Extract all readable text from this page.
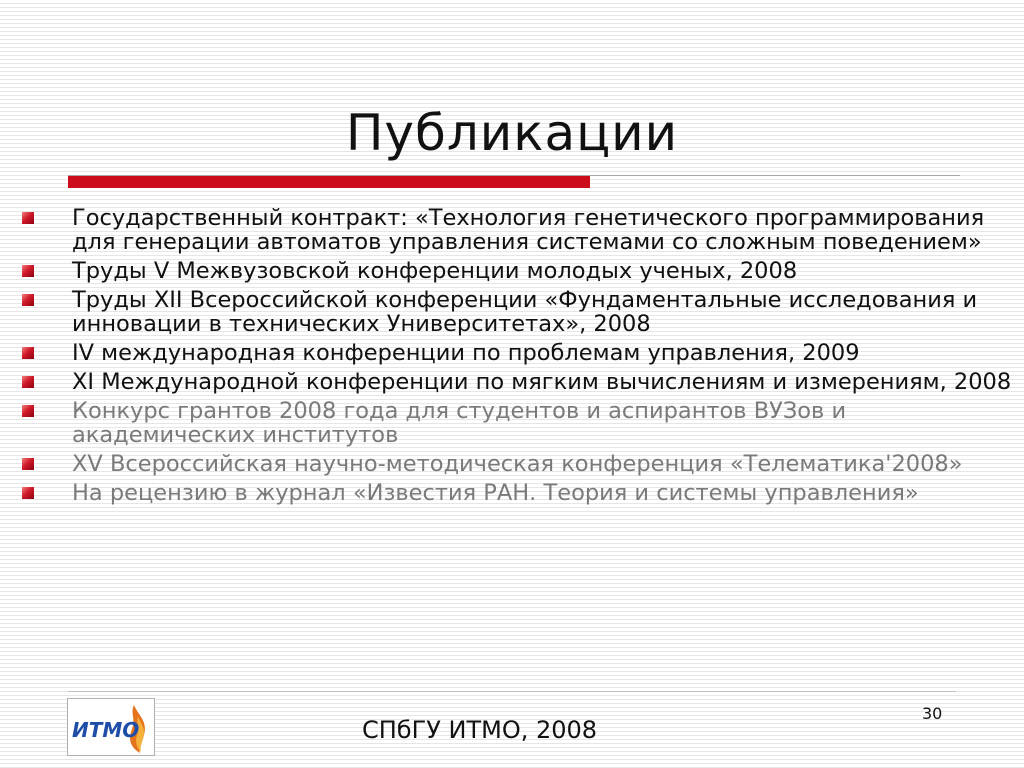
Публикации
Государственный контракт: «Технология генетического программирования для генерации автоматов управления системами со сложным поведением»
Труды V Межвузовской конференции молодых ученых, 2008
Труды XII Всероссийской конференции «Фундаментальные исследования и инновации в технических Университетах», 2008
IV международная конференции по проблемам управления, 2009
XI Международной конференции по мягким вычислениям и измерениям, 2008
Конкурс грантов 2008 года для студентов и аспирантов ВУЗов и академических институтов
XV Всероссийская научно-методическая конференция «Телематика'2008»
На рецензию в журнал «Известия РАН. Теория и системы управления»
ИТМО	СПбГУ ИТМО, 2008
30
